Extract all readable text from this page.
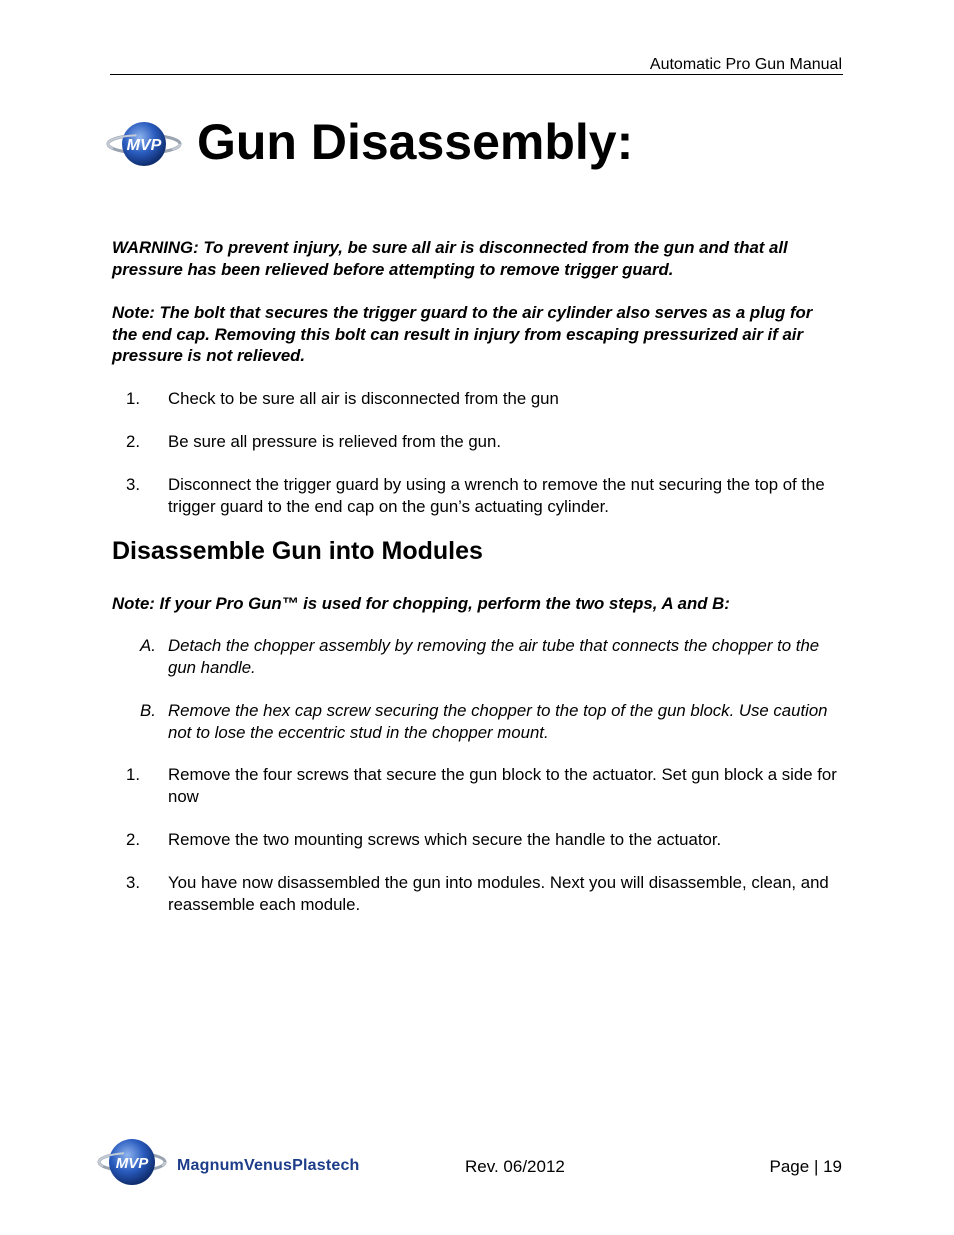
Automatic Pro Gun Manual
MVP Gun Disassembly:

WARNING: To prevent injury, be sure all air is disconnected from the gun and that all pressure has been relieved before attempting to remove trigger guard.

Note: The bolt that secures the trigger guard to the air cylinder also serves as a plug for the end cap. Removing this bolt can result in injury from escaping pressurized air if air pressure is not relieved.

1. Check to be sure all air is disconnected from the gun
2. Be sure all pressure is relieved from the gun.
3. Disconnect the trigger guard by using a wrench to remove the nut securing the top of the trigger guard to the end cap on the gun’s actuating cylinder.
Disassemble Gun into Modules

Note: If your Pro Gun™ is used for chopping, perform the two steps, A and B:

A. Detach the chopper assembly by removing the air tube that connects the chopper to the gun handle.
B. Remove the hex cap screw securing the chopper to the top of the gun block. Use caution not to lose the eccentric stud in the chopper mount.
1. Remove the four screws that secure the gun block to the actuator. Set gun block a side for now
2. Remove the two mounting screws which secure the handle to the actuator.
3. You have now disassembled the gun into modules. Next you will disassemble, clean, and reassemble each module.
MVP MagnumVenusPlastech	Rev. 06/2012	Page | 19
